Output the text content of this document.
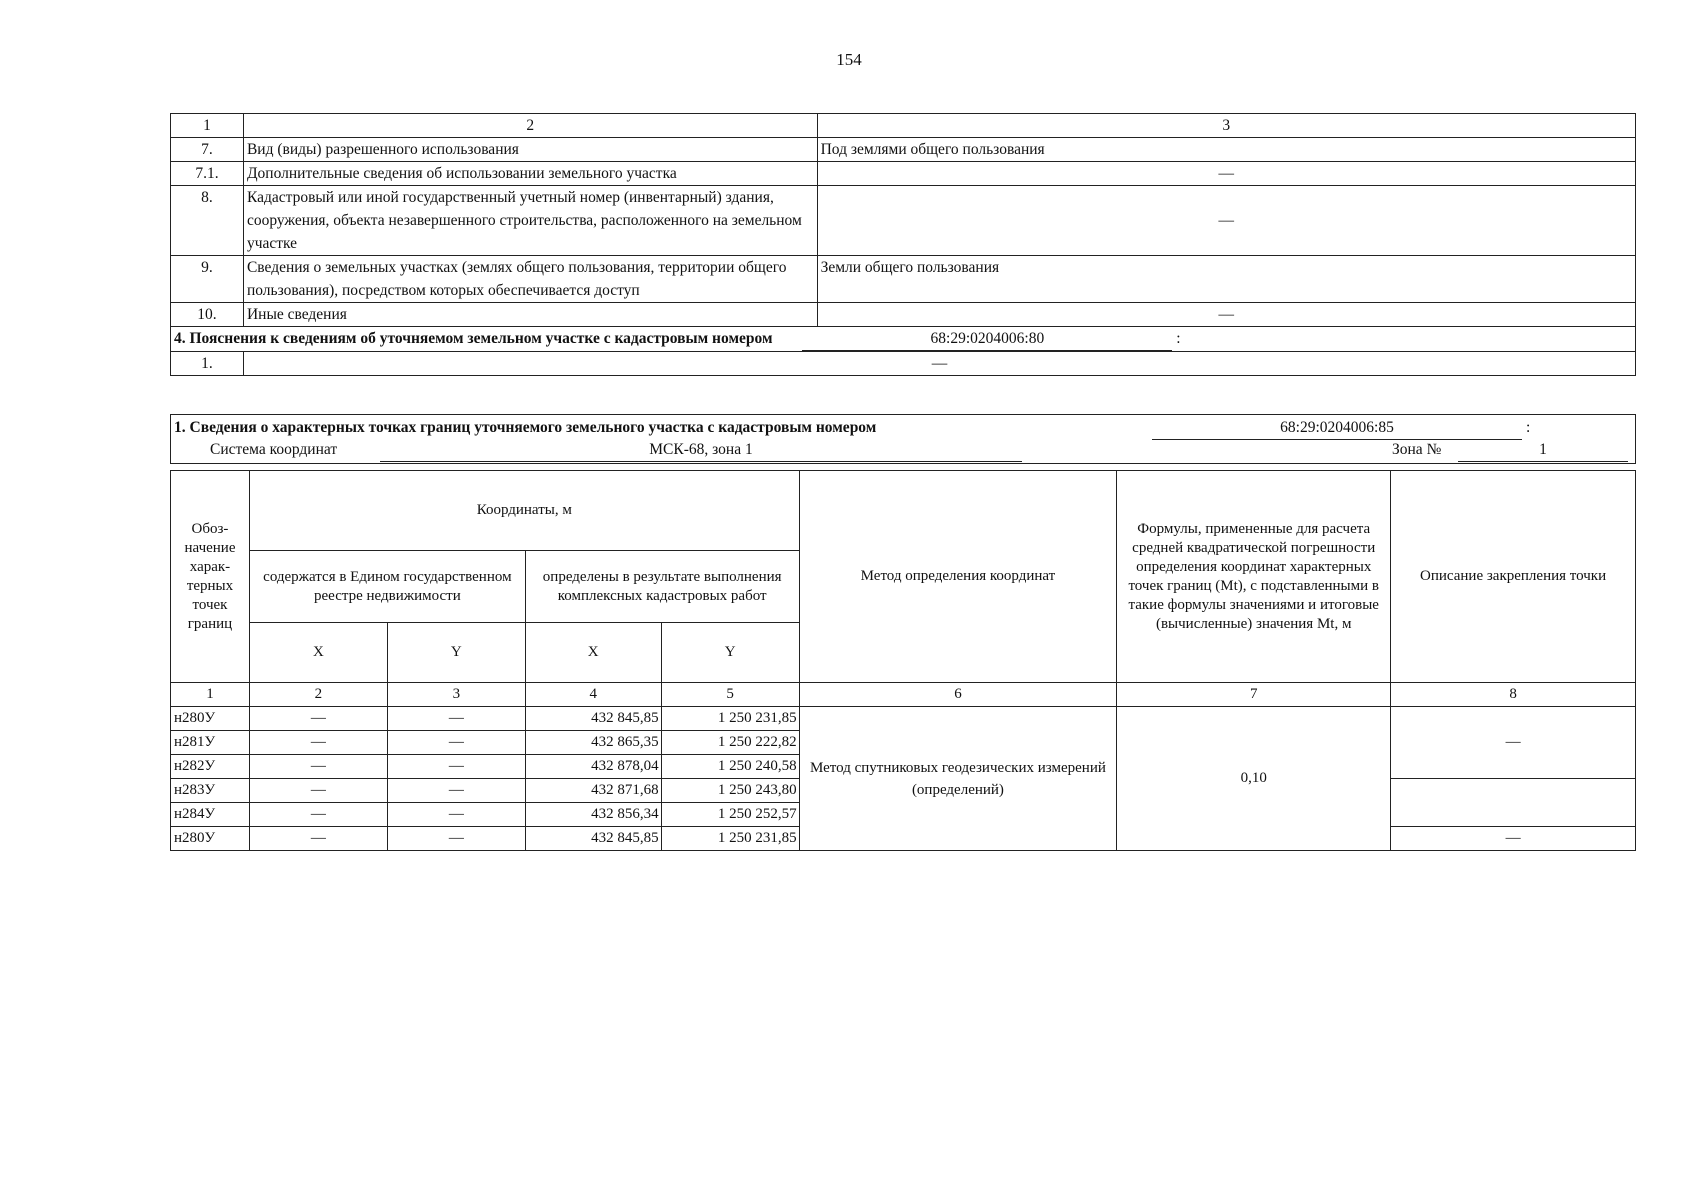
154
1	2	3
7.	Вид (виды) разрешенного использования	Под землями общего пользования
7.1.	Дополнительные сведения об использовании земельного участка	—
8.	Кадастровый или иной государственный учетный номер (инвентарный) здания, сооружения, объекта незавершенного строительства, расположенного на земельном участке	—
9.	Сведения о земельных участках (землях общего пользования, территории общего пользования), посредством которых обеспечивается доступ	Земли общего пользования
10.	Иные сведения	—
4. Пояснения к сведениям об уточняемом земельном участке с кадастровым номером 68:29:0204006:80 :		
1.	—	
1. Сведения о характерных точках границ уточняемого земельного участка с кадастровым номером	68:29:0204006:85	:
Система координат	МСК-68, зона 1	Зона №	1
Обоз-начение харак-терных точек границ	Координаты, м				Метод определения координат	Формулы, примененные для расчета средней квадратической погрешности определения координат характерных точек границ (Mt), с подставленными в такие формулы значениями и итоговые (вычисленные) значения Mt, м	Описание закрепления точки
	содержатся в Едином государственном реестре недвижимости		определены в результате выполнения комплексных кадастровых работ				
	X	Y	X	Y			
1	2	3	4	5	6	7	8
н280У	—	—	432 845,85	1 250 231,85	Метод спутниковых геодезических измерений (определений)	0,10	—
н281У	—	—	432 865,35	1 250 222,82			
н282У	—	—	432 878,04	1 250 240,58			
н283У	—	—	432 871,68	1 250 243,80			
н284У	—	—	432 856,34	1 250 252,57			
н280У	—	—	432 845,85	1 250 231,85			—
